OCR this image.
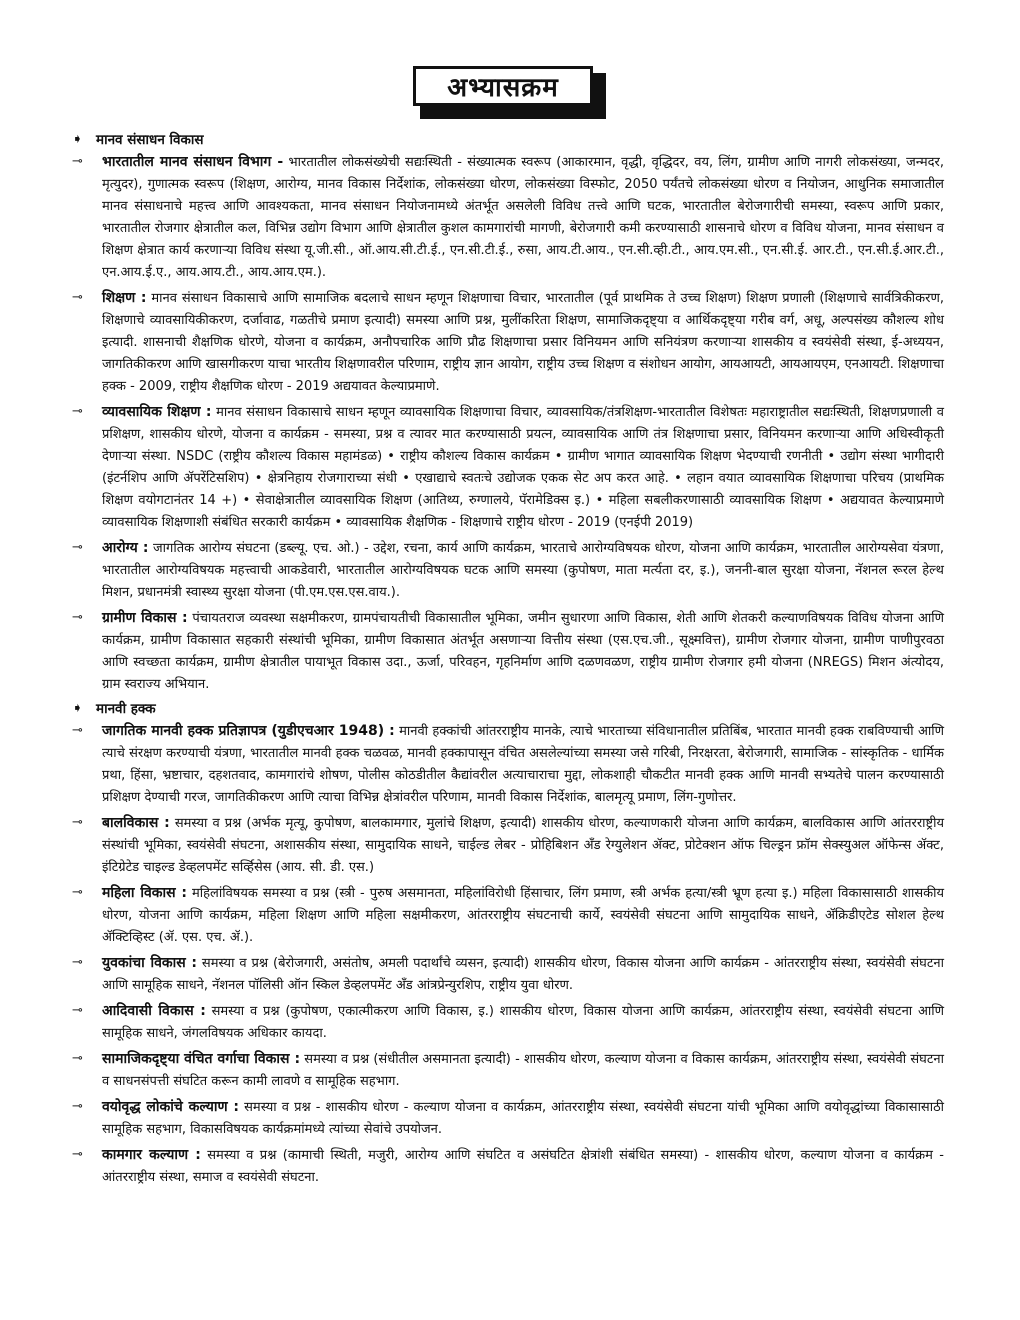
अभ्यासक्रम
➧ मानव संसाधन विकास
⊸	भारतातील मानव संसाधन विभाग - भारतातील लोकसंख्येची सद्यःस्थिती - संख्यात्मक स्वरूप (आकारमान, वृद्धी, वृद्धिदर, वय, लिंग, ग्रामीण आणि नागरी लोकसंख्या, जन्मदर, मृत्युदर), गुणात्मक स्वरूप (शिक्षण, आरोग्य, मानव विकास निर्देशांक, लोकसंख्या धोरण, लोकसंख्या विस्फोट, 2050 पर्यंतचे लोकसंख्या धोरण व नियोजन, आधुनिक समाजातील मानव संसाधनाचे महत्त्व आणि आवश्यकता, मानव संसाधन नियोजनामध्ये अंतर्भूत असलेली विविध तत्त्वे आणि घटक, भारतातील बेरोजगारीची समस्या, स्वरूप आणि प्रकार, भारतातील रोजगार क्षेत्रातील कल, विभिन्न उद्योग विभाग आणि क्षेत्रातील कुशल कामगारांची मागणी, बेरोजगारी कमी करण्यासाठी शासनाचे धोरण व विविध योजना, मानव संसाधन व शिक्षण क्षेत्रात कार्य करणाऱ्या विविध संस्था यू.जी.सी., ऑ.आय.सी.टी.ई., एन.सी.टी.ई., रुसा, आय.टी.आय., एन.सी.व्ही.टी., आय.एम.सी., एन.सी.ई. आर.टी., एन.सी.ई.आर.टी., एन.आय.ई.ए., आय.आय.टी., आय.आय.एम.).

⊸	शिक्षण : मानव संसाधन विकासाचे आणि सामाजिक बदलाचे साधन म्हणून शिक्षणाचा विचार, भारतातील (पूर्व प्राथमिक ते उच्च शिक्षण) शिक्षण प्रणाली (शिक्षणाचे सार्वत्रिकीकरण, शिक्षणाचे व्यावसायिकीकरण, दर्जावाढ, गळतीचे प्रमाण इत्यादी) समस्या आणि प्रश्न, मुलींकरिता शिक्षण, सामाजिकदृष्ट्या व आर्थिकदृष्ट्या गरीब वर्ग, अधू, अल्पसंख्य कौशल्य शोध इत्यादी. शासनाची शैक्षणिक धोरणे, योजना व कार्यक्रम, अनौपचारिक आणि प्रौढ शिक्षणाचा प्रसार विनियमन आणि सनियंत्रण करणाऱ्या शासकीय व स्वयंसेवी संस्था, ई-अध्ययन, जागतिकीकरण आणि खासगीकरण याचा भारतीय शिक्षणावरील परिणाम, राष्ट्रीय ज्ञान आयोग, राष्ट्रीय उच्च शिक्षण व संशोधन आयोग, आयआयटी, आयआयएम, एनआयटी. शिक्षणाचा हक्क - 2009, राष्ट्रीय शैक्षणिक धोरण - 2019 अद्ययावत केल्याप्रमाणे.

⊸	व्यावसायिक शिक्षण : मानव संसाधन विकासाचे साधन म्हणून व्यावसायिक शिक्षणाचा विचार, व्यावसायिक/तंत्रशिक्षण-भारतातील विशेषतः महाराष्ट्रातील सद्यःस्थिती, शिक्षणप्रणाली व प्रशिक्षण, शासकीय धोरणे, योजना व कार्यक्रम - समस्या, प्रश्न व त्यावर मात करण्यासाठी प्रयत्न, व्यावसायिक आणि तंत्र शिक्षणाचा प्रसार, विनियमन करणाऱ्या आणि अधिस्वीकृती देणाऱ्या संस्था. NSDC (राष्ट्रीय कौशल्य विकास महामंडळ) • राष्ट्रीय कौशल्य विकास कार्यक्रम • ग्रामीण भागात व्यावसायिक शिक्षण भेदण्याची रणनीती • उद्योग संस्था भागीदारी (इंटर्नशिप आणि ॲपरेंटिसशिप) • क्षेत्रनिहाय रोजगाराच्या संधी • एखाद्याचे स्वतःचे उद्योजक एकक सेट अप करत आहे. • लहान वयात व्यावसायिक शिक्षणाचा परिचय (प्राथमिक शिक्षण वयोगटानंतर 14 +) • सेवाक्षेत्रातील व्यावसायिक शिक्षण (आतिथ्य, रुग्णालये, पॅरामेडिक्स इ.) • महिला सबलीकरणासाठी व्यावसायिक शिक्षण • अद्ययावत केल्याप्रमाणे व्यावसायिक शिक्षणाशी संबंधित सरकारी कार्यक्रम • व्यावसायिक शैक्षणिक - शिक्षणाचे राष्ट्रीय धोरण - 2019 (एनईपी 2019)

⊸	आरोग्य : जागतिक आरोग्य संघटना (डब्ल्यू. एच. ओ.) - उद्देश, रचना, कार्य आणि कार्यक्रम, भारताचे आरोग्यविषयक धोरण, योजना आणि कार्यक्रम, भारतातील आरोग्यसेवा यंत्रणा, भारतातील आरोग्यविषयक महत्त्वाची आकडेवारी, भारतातील आरोग्यविषयक घटक आणि समस्या (कुपोषण, माता मर्त्यता दर, इ.), जननी-बाल सुरक्षा योजना, नॅशनल रूरल हेल्थ मिशन, प्रधानमंत्री स्वास्थ्य सुरक्षा योजना (पी.एम.एस.एस.वाय.).

⊸	ग्रामीण विकास : पंचायतराज व्यवस्था सक्षमीकरण, ग्रामपंचायतीची विकासातील भूमिका, जमीन सुधारणा आणि विकास, शेती आणि शेतकरी कल्याणविषयक विविध योजना आणि कार्यक्रम, ग्रामीण विकासात सहकारी संस्थांची भूमिका, ग्रामीण विकासात अंतर्भूत असणाऱ्या वित्तीय संस्था (एस.एच.जी., सूक्ष्मवित्त), ग्रामीण रोजगार योजना, ग्रामीण पाणीपुरवठा आणि स्वच्छता कार्यक्रम, ग्रामीण क्षेत्रातील पायाभूत विकास उदा., ऊर्जा, परिवहन, गृहनिर्माण आणि दळणवळण, राष्ट्रीय ग्रामीण रोजगार हमी योजना (NREGS) मिशन अंत्योदय, ग्राम स्वराज्य अभियान.

➧ मानवी हक्क
⊸	जागतिक मानवी हक्क प्रतिज्ञापत्र (युडीएचआर 1948) : मानवी हक्कांची आंतरराष्ट्रीय मानके, त्याचे भारताच्या संविधानातील प्रतिबिंब, भारतात मानवी हक्क राबविण्याची आणि त्याचे संरक्षण करण्याची यंत्रणा, भारतातील मानवी हक्क चळवळ, मानवी हक्कापासून वंचित असलेल्यांच्या समस्या जसे गरिबी, निरक्षरता, बेरोजगारी, सामाजिक - सांस्कृतिक - धार्मिक प्रथा, हिंसा, भ्रष्टाचार, दहशतवाद, कामगारांचे शोषण, पोलीस कोठडीतील कैद्यांवरील अत्याचाराचा मुद्दा, लोकशाही चौकटीत मानवी हक्क आणि मानवी सभ्यतेचे पालन करण्यासाठी प्रशिक्षण देण्याची गरज, जागतिकीकरण आणि त्याचा विभिन्न क्षेत्रांवरील परिणाम, मानवी विकास निर्देशांक, बालमृत्यू प्रमाण, लिंग-गुणोत्तर.

⊸	बालविकास : समस्या व प्रश्न (अर्भक मृत्यू, कुपोषण, बालकामगार, मुलांचे शिक्षण, इत्यादी) शासकीय धोरण, कल्याणकारी योजना आणि कार्यक्रम, बालविकास आणि आंतरराष्ट्रीय संस्थांची भूमिका, स्वयंसेवी संघटना, अशासकीय संस्था, सामुदायिक साधने, चाईल्ड लेबर - प्रोहिबिशन ॲंड रेग्युलेशन ॲक्ट, प्रोटेक्शन ऑफ चिल्ड्रन फ्रॉम सेक्स्युअल ऑफेन्स ॲक्ट, इंटिग्रेटेड चाइल्ड डेव्हलपमेंट सर्व्हिसेस (आय. सी. डी. एस.)

⊸	महिला विकास : महिलांविषयक समस्या व प्रश्न (स्त्री - पुरुष असमानता, महिलांविरोधी हिंसाचार, लिंग प्रमाण, स्त्री अर्भक हत्या/स्त्री भ्रूण हत्या इ.) महिला विकासासाठी शासकीय धोरण, योजना आणि कार्यक्रम, महिला शिक्षण आणि महिला सक्षमीकरण, आंतरराष्ट्रीय संघटनाची कार्ये, स्वयंसेवी संघटना आणि सामुदायिक साधने, ॲक्रिडीएटेड सोशल हेल्थ ॲक्टिव्हिस्ट (ॲ. एस. एच. ॲ.).

⊸	युवकांचा विकास : समस्या व प्रश्न (बेरोजगारी, असंतोष, अमली पदार्थांचे व्यसन, इत्यादी) शासकीय धोरण, विकास योजना आणि कार्यक्रम - आंतरराष्ट्रीय संस्था, स्वयंसेवी संघटना आणि सामूहिक साधने, नॅशनल पॉलिसी ऑन स्किल डेव्हलपमेंट ॲंड आंत्रप्रेन्युरशिप, राष्ट्रीय युवा धोरण.

⊸	आदिवासी विकास : समस्या व प्रश्न (कुपोषण, एकात्मीकरण आणि विकास, इ.) शासकीय धोरण, विकास योजना आणि कार्यक्रम, आंतरराष्ट्रीय संस्था, स्वयंसेवी संघटना आणि सामूहिक साधने, जंगलविषयक अधिकार कायदा.

⊸	सामाजिकदृष्ट्या वंचित वर्गाचा विकास : समस्या व प्रश्न (संधीतील असमानता इत्यादी) - शासकीय धोरण, कल्याण योजना व विकास कार्यक्रम, आंतरराष्ट्रीय संस्था, स्वयंसेवी संघटना व साधनसंपत्ती संघटित करून कामी लावणे व सामूहिक सहभाग.

⊸	वयोवृद्ध लोकांचे कल्याण : समस्या व प्रश्न - शासकीय धोरण - कल्याण योजना व कार्यक्रम, आंतरराष्ट्रीय संस्था, स्वयंसेवी संघटना यांची भूमिका आणि वयोवृद्धांच्या विकासासाठी सामूहिक सहभाग, विकासविषयक कार्यक्रमांमध्ये त्यांच्या सेवांचे उपयोजन.

⊸	कामगार कल्याण : समस्या व प्रश्न (कामाची स्थिती, मजुरी, आरोग्य आणि संघटित व असंघटित क्षेत्रांशी संबंधित समस्या) - शासकीय धोरण, कल्याण योजना व कार्यक्रम - आंतरराष्ट्रीय संस्था, समाज व स्वयंसेवी संघटना.
